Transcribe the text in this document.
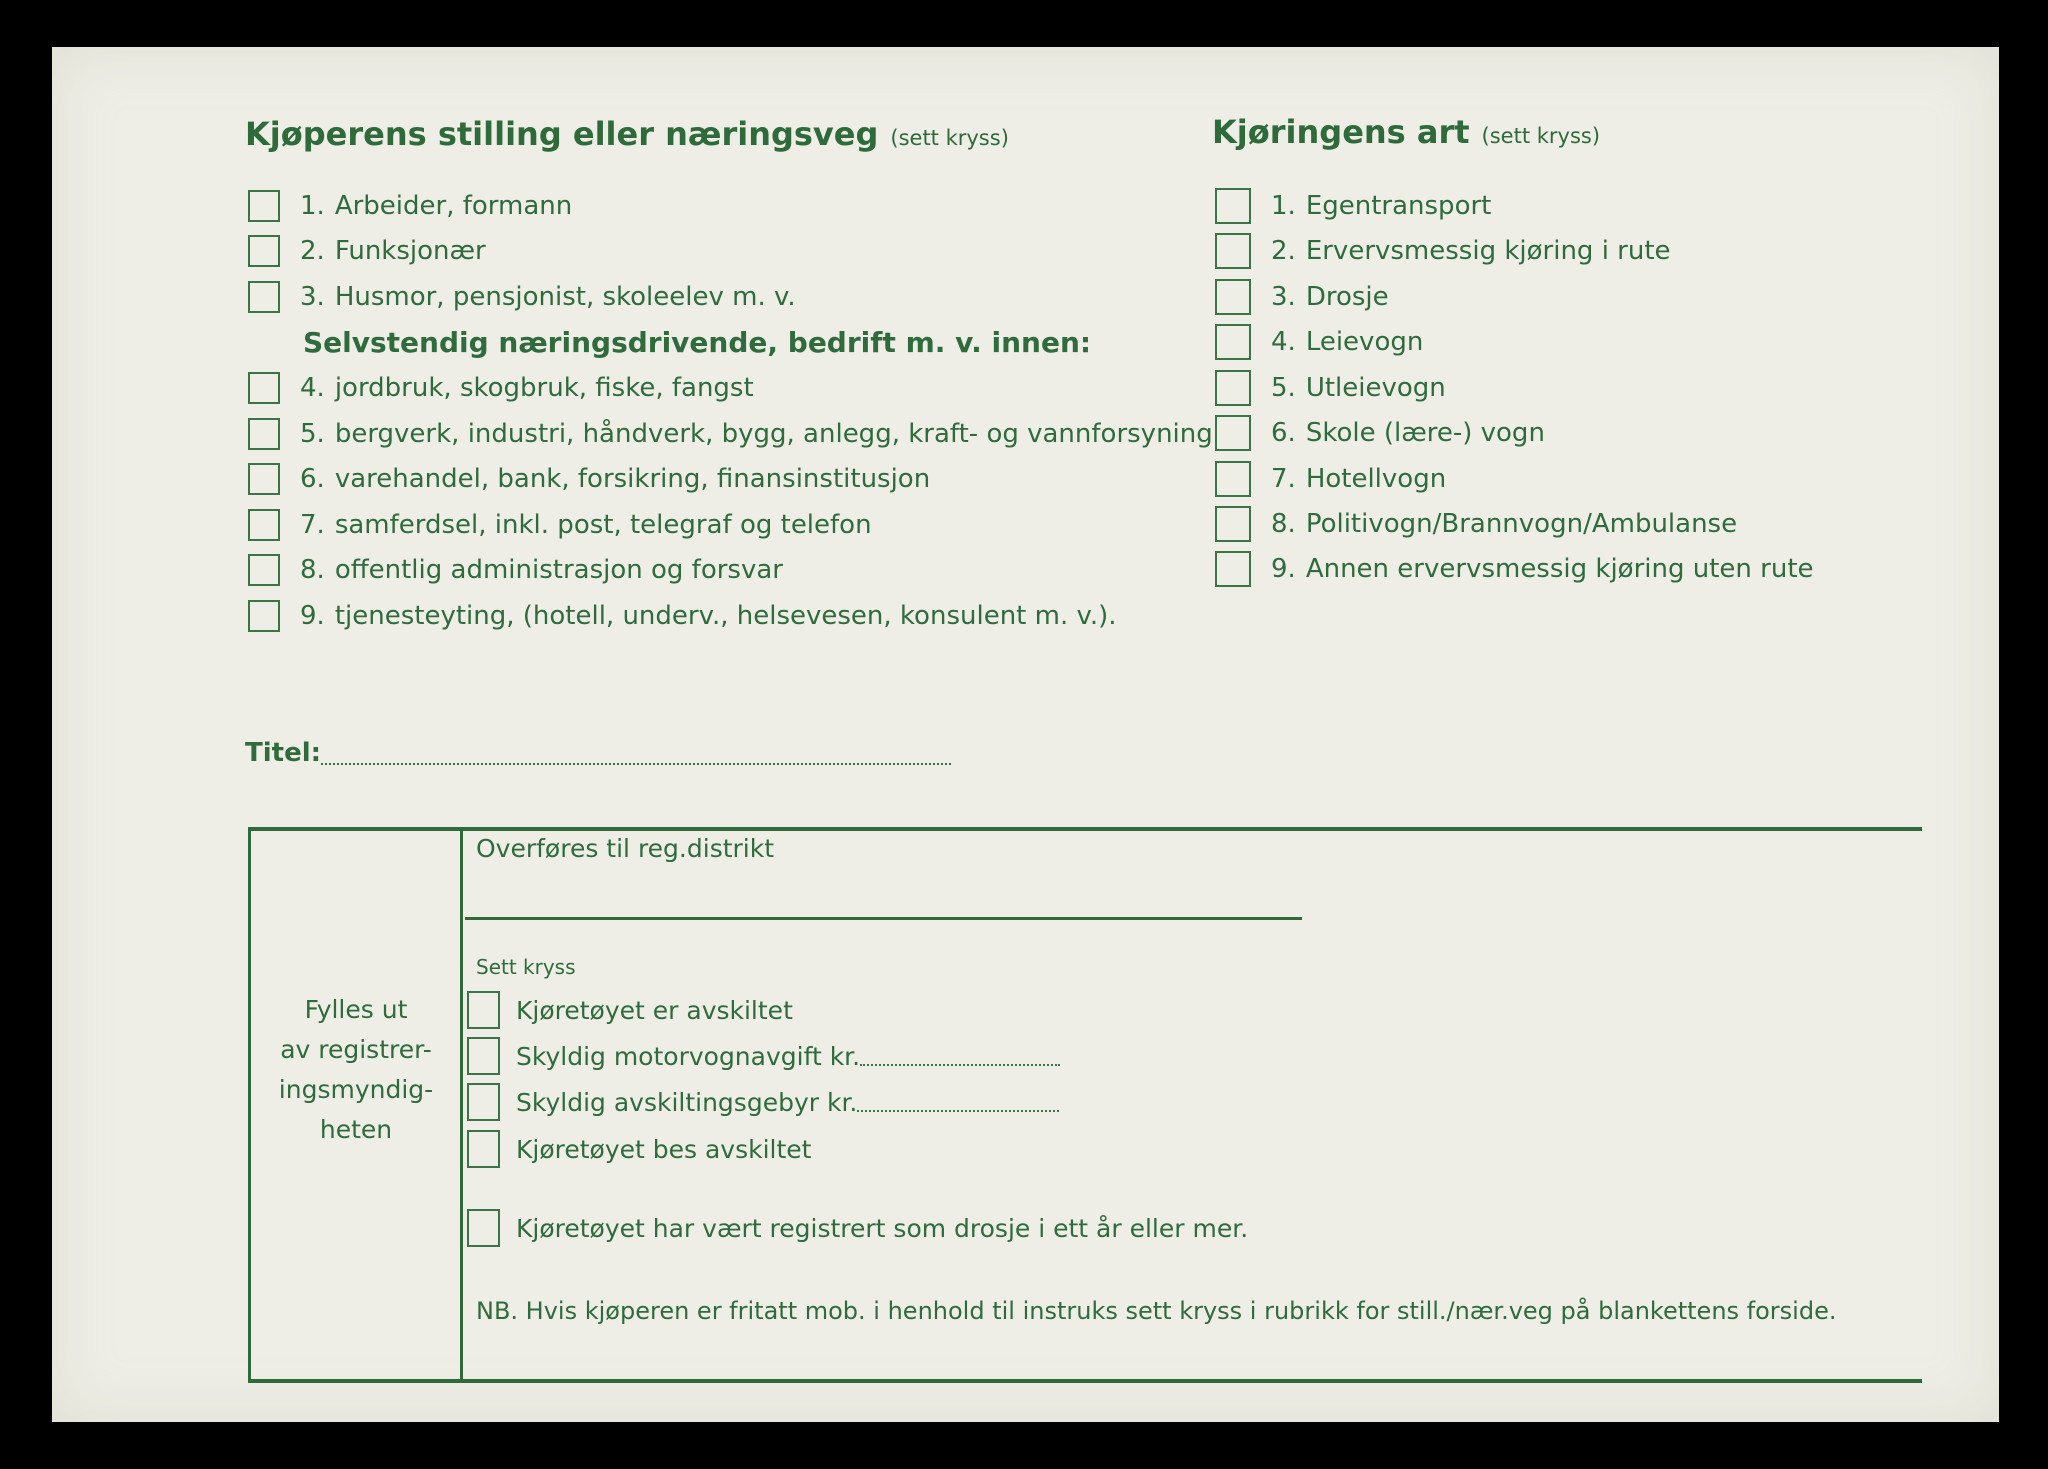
Kjøperens stilling eller næringsveg (sett kryss)
1. Arbeider, formann
2. Funksjonær
3. Husmor, pensjonist, skoleelev m. v.
Selvstendig næringsdrivende, bedrift m. v. innen:
4. jordbruk, skogbruk, fiske, fangst
5. bergverk, industri, håndverk, bygg, anlegg, kraft- og vannforsyning
6. varehandel, bank, forsikring, finansinstitusjon
7. samferdsel, inkl. post, telegraf og telefon
8. offentlig administrasjon og forsvar
9. tjenesteyting, (hotell, underv., helsevesen, konsulent m. v.).
Kjøringens art (sett kryss)
1. Egentransport
2. Ervervsmessig kjøring i rute
3. Drosje
4. Leievogn
5. Utleievogn
6. Skole (lære-) vogn
7. Hotellvogn
8. Politivogn/Brannvogn/Ambulanse
9. Annen ervervsmessig kjøring uten rute
Titel:
Fylles ut
av registrer-
ingsmyndig-
heten
Overføres til reg.distrikt
Sett kryss
Kjøretøyet er avskiltet
Skyldig motorvognavgift kr.
Skyldig avskiltingsgebyr kr.
Kjøretøyet bes avskiltet
Kjøretøyet har vært registrert som drosje i ett år eller mer.
NB. Hvis kjøperen er fritatt mob. i henhold til instruks sett kryss i rubrikk for still./nær.veg på blankettens forside.
